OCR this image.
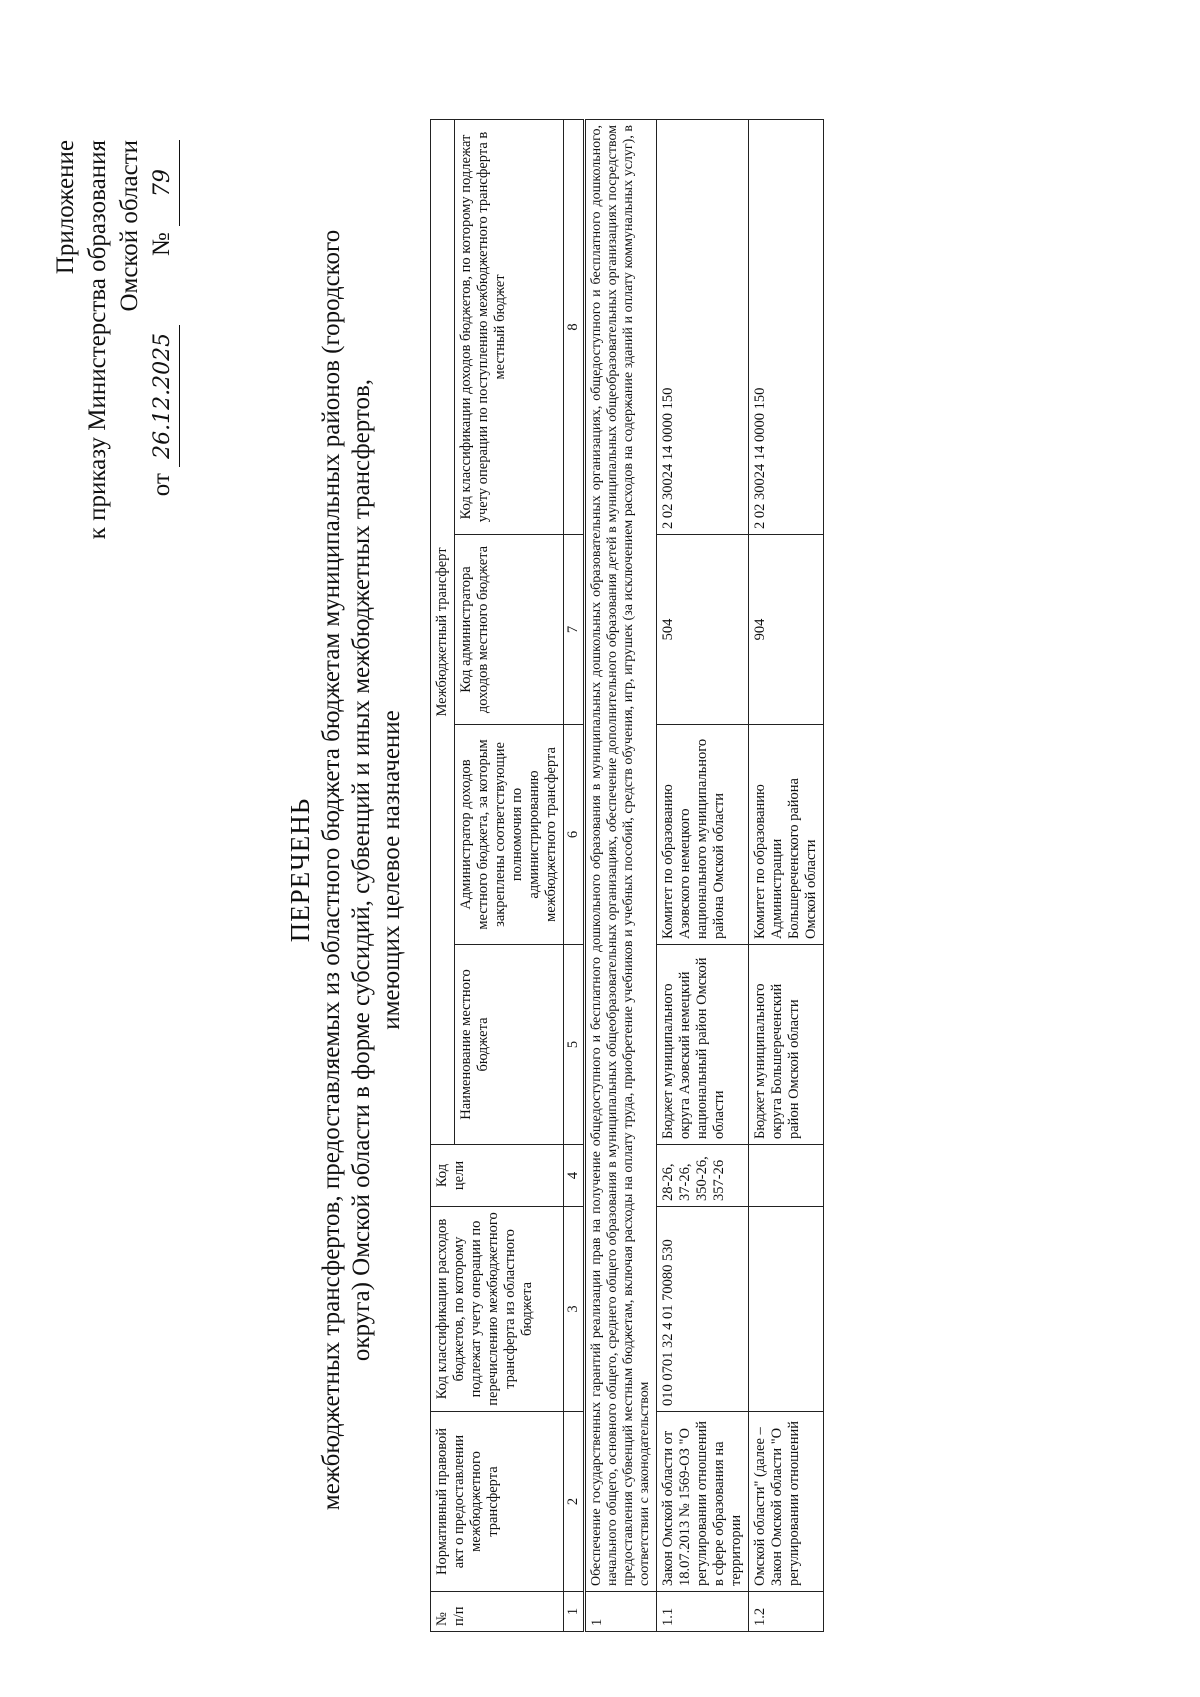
Приложение к приказу Министерства образования Омской области
от 26.12.2025           № 79
ПЕРЕЧЕНЬ межбюджетных трансфертов, предоставляемых из областного бюджета бюджетам муниципальных районов (городского округа) Омской области в форме субсидий, субвенций и иных межбюджетных трансфертов, имеющих целевое назначение
№ п/п	Нормативный правовой акт о предоставлении межбюджетного трансферта	Код классификации расходов бюджетов, по которому подлежат учету операции по перечислению межбюджетного трансферта из областного бюджета	Код цели	Межбюджетный трансферт			
				Наименование местного бюджета	Администратор доходов местного бюджета, за которым закреплены соответствующие полномочия по администрированию межбюджетного трансферта	Код администратора доходов местного бюджета	Код классификации доходов бюджетов, по которому подлежат учету операции по поступлению межбюджетного трансферта в местный бюджет
1	2	3	4	5	6	7	8
1	Обеспечение государственных гарантий реализации прав на получение общедоступного и бесплатного дошкольного образования в муниципальных дошкольных образовательных организациях, общедоступного и бесплатного дошкольного, начального общего, основного общего, среднего общего образования в муниципальных общеобразовательных организациях, обеспечение дополнительного образования детей в муниципальных общеобразовательных организациях посредством предоставления субвенций местным бюджетам, включая расходы на оплату труда, приобретение учебников и учебных пособий, средств обучения, игр, игрушек (за исключением расходов на содержание зданий и оплату коммунальных услуг), в соответствии с законодательством						
1.1	Закон Омской области от 18.07.2013 № 1569-ОЗ "О регулировании отношений в сфере образования на территории	010 0701 32 4 01 70080 530	28-26, 37-26, 350-26, 357-26	Бюджет муниципального округа Азовский немецкий национальный район Омской области	Комитет по образованию Азовского немецкого национального муниципального района Омской области	504	2 02 30024 14 0000 150
1.2	Омской области" (далее – Закон Омской области "О регулировании отношений			Бюджет муниципального округа Большереченский район Омской области	Комитет по образованию Администрации Большереченского района Омской области	904	2 02 30024 14 0000 150
